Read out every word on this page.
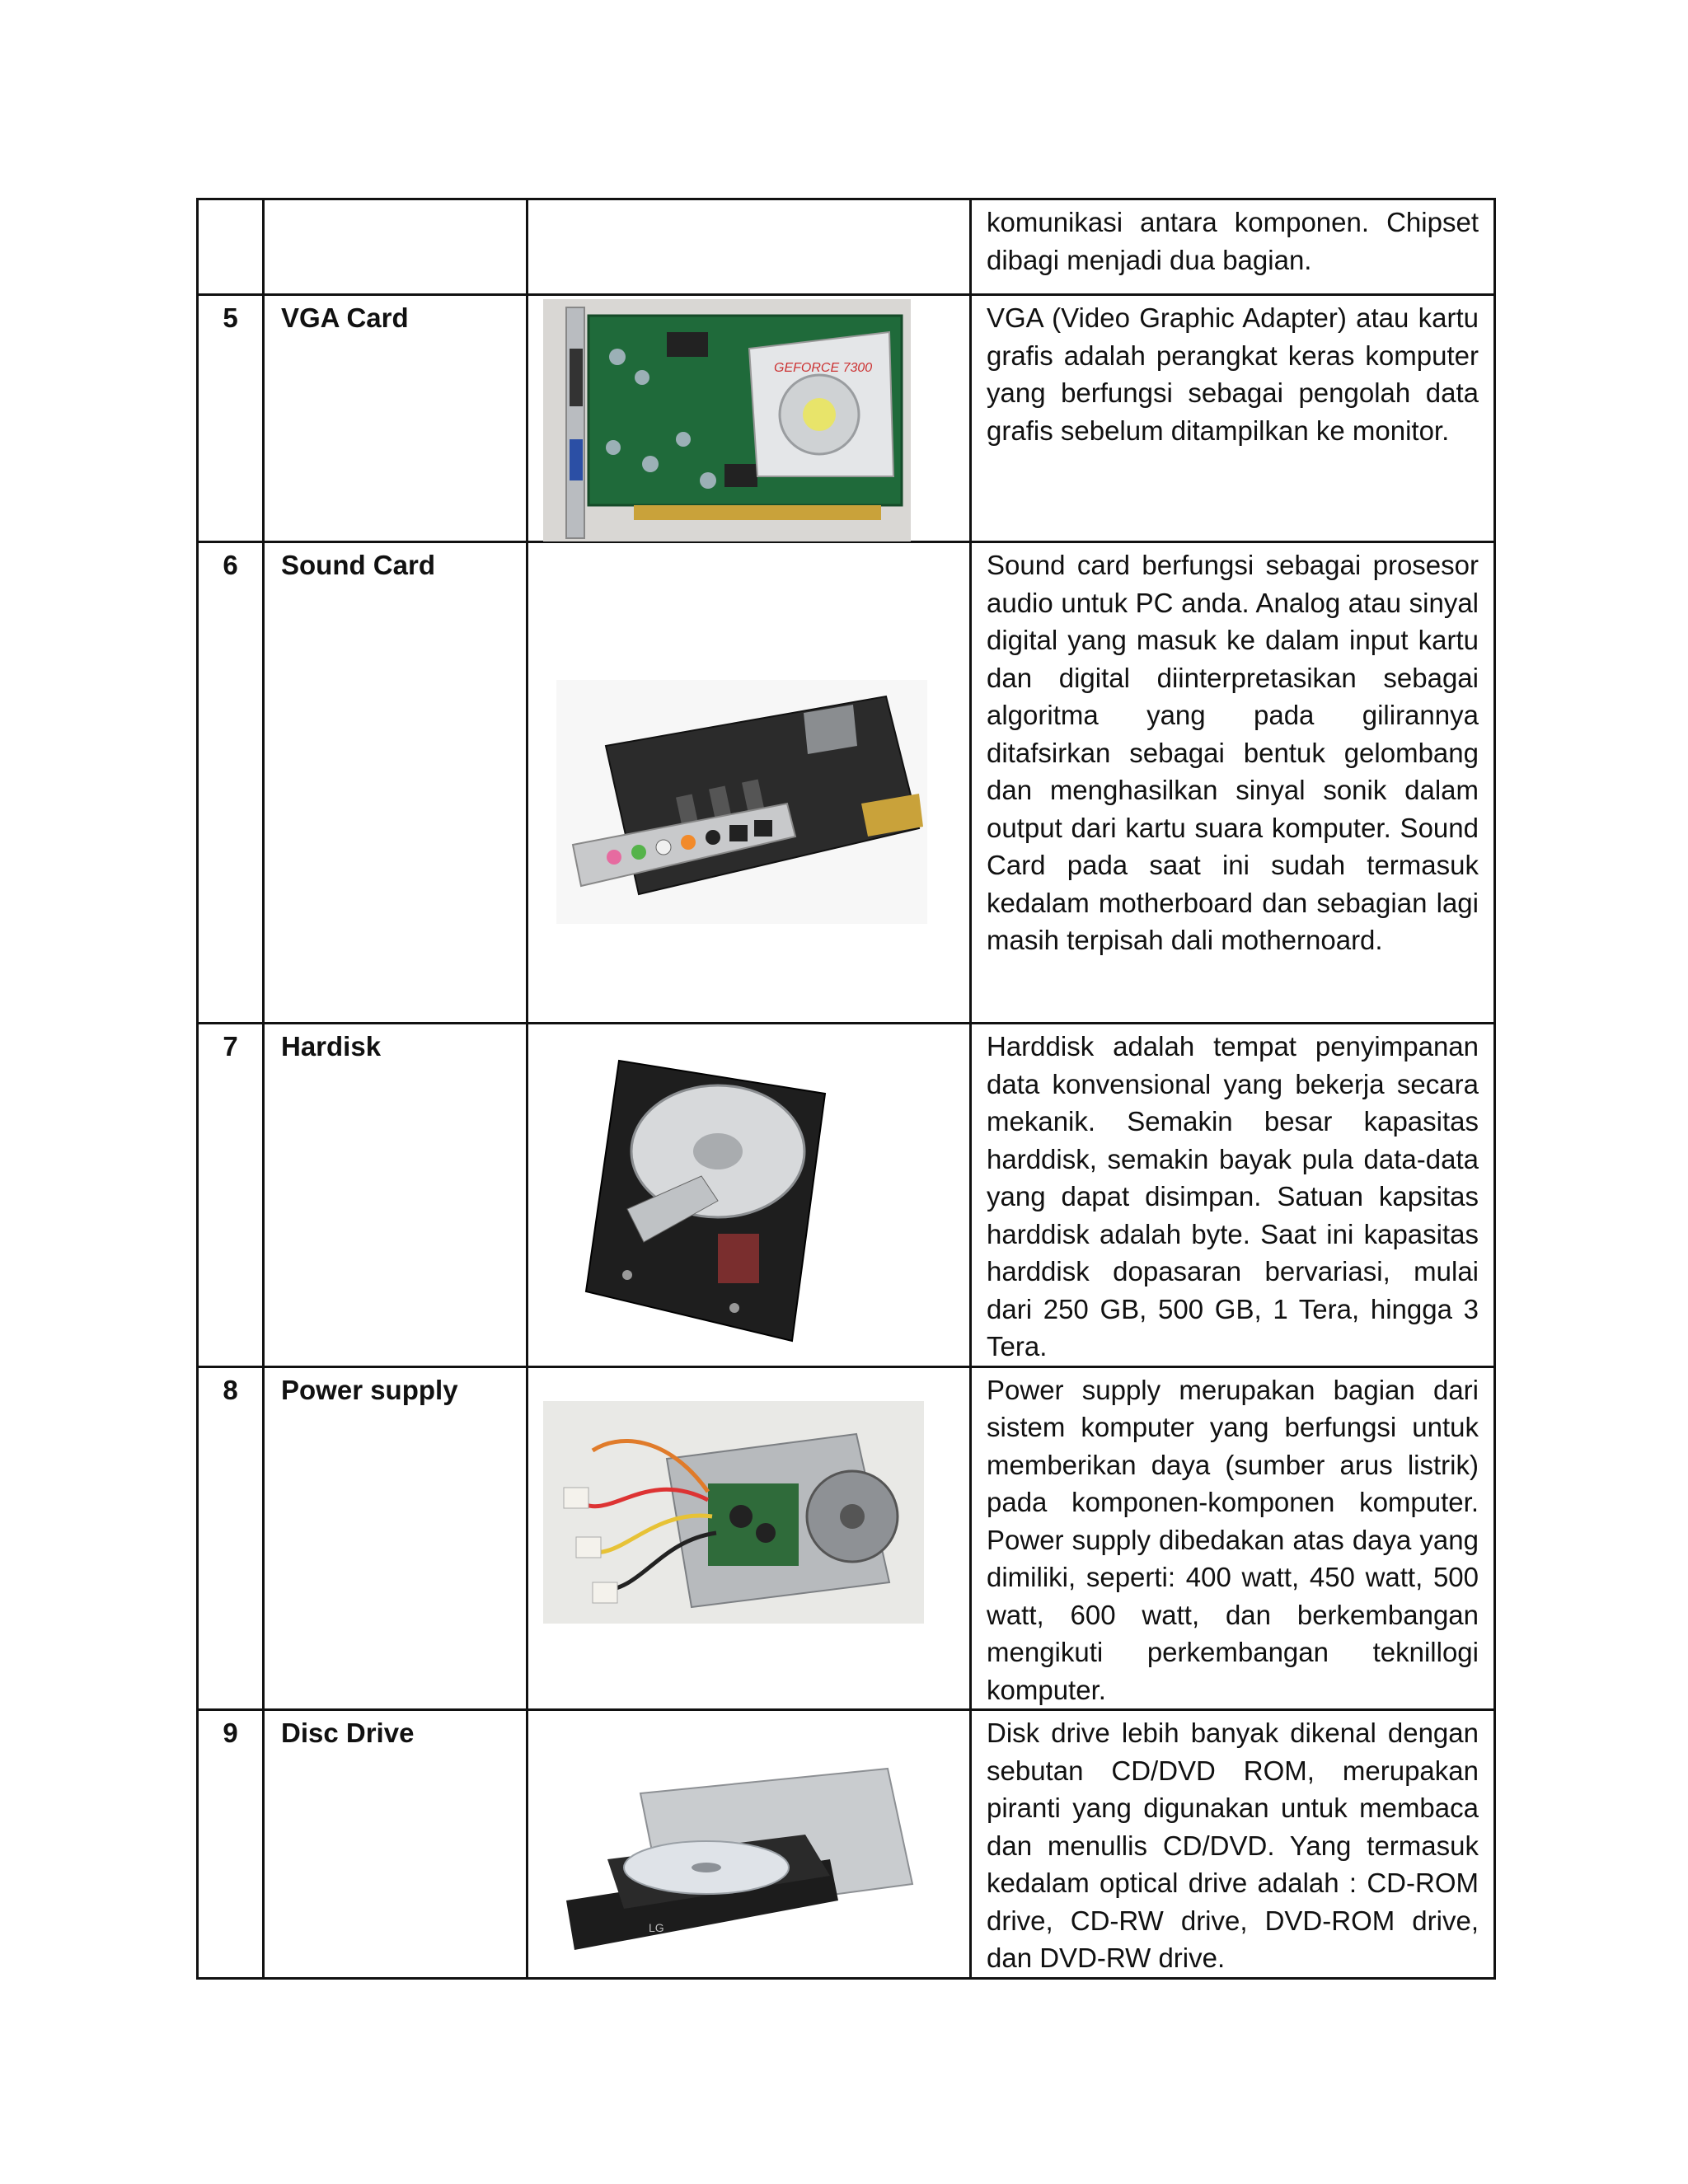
			komunikasi antara komponen. Chipset dibagi menjadi dua bagian.
5	VGA Card	GEFORCE 7300	VGA (Video Graphic Adapter) atau kartu grafis adalah perangkat keras komputer yang berfungsi sebagai pengolah data grafis sebelum ditampilkan ke monitor.
6	Sound Card		Sound card berfungsi sebagai prosesor audio untuk PC anda. Analog atau sinyal digital yang masuk ke dalam input kartu dan digital diinterpretasikan sebagai algoritma yang pada gilirannya ditafsirkan sebagai bentuk gelombang dan menghasilkan sinyal sonik dalam output dari kartu suara komputer. Sound Card pada saat ini sudah termasuk kedalam motherboard dan sebagian lagi masih terpisah dali mothernoard.
7	Hardisk		Harddisk adalah tempat penyimpanan data konvensional yang bekerja secara mekanik. Semakin besar kapasitas harddisk, semakin bayak pula data-data yang dapat disimpan. Satuan kapsitas harddisk adalah byte. Saat ini kapasitas harddisk dopasaran bervariasi, mulai dari 250 GB, 500 GB, 1 Tera, hingga 3 Tera.
8	Power supply		Power supply merupakan bagian dari sistem komputer yang berfungsi untuk memberikan daya (sumber arus listrik) pada komponen-komponen komputer. Power supply dibedakan atas daya yang dimiliki, seperti: 400 watt, 450 watt, 500 watt, 600 watt, dan berkembangan mengikuti perkembangan teknillogi komputer.
9	Disc Drive	LG	Disk drive lebih banyak dikenal dengan sebutan CD/DVD ROM, merupakan piranti yang digunakan untuk membaca dan menullis CD/DVD. Yang termasuk kedalam optical drive adalah : CD-ROM drive, CD-RW drive, DVD-ROM drive, dan DVD-RW drive.
